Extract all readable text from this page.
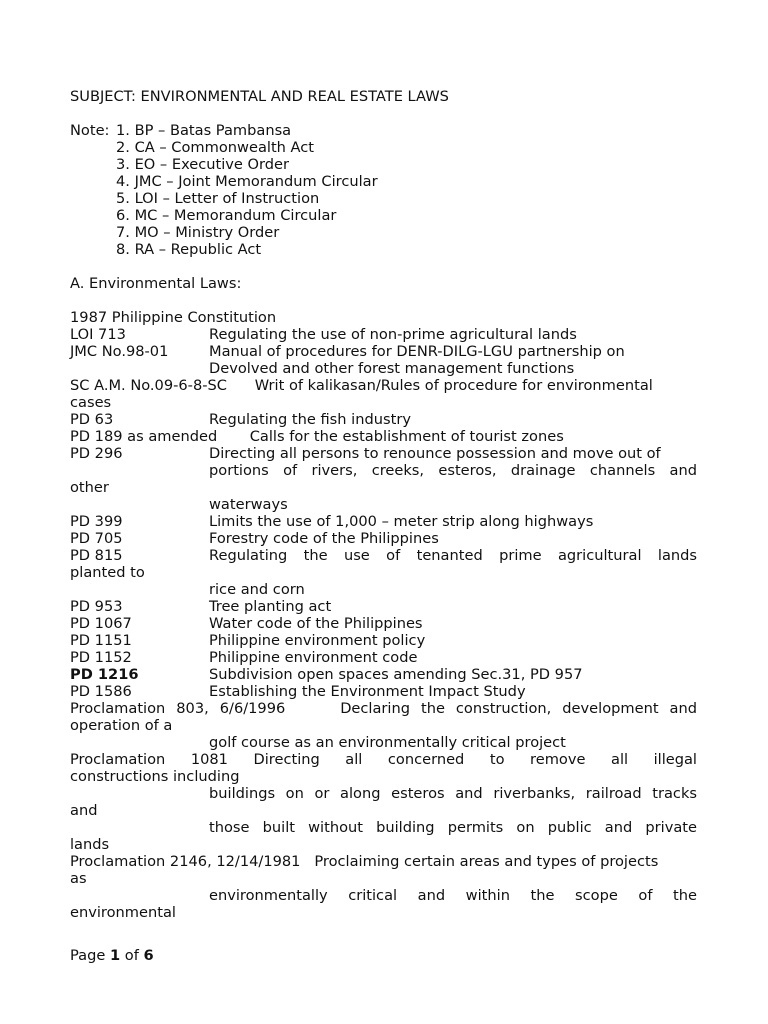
SUBJECT: ENVIRONMENTAL AND REAL ESTATE LAWS
Note: 1. BP – Batas Pambansa
2. CA – Commonwealth Act
3. EO – Executive Order
4. JMC – Joint Memorandum Circular
5. LOI – Letter of Instruction
6. MC – Memorandum Circular
7. MO – Ministry Order
8. RA – Republic Act
A. Environmental Laws:
1987 Philippine Constitution
LOI 713	Regulating the use of non-prime agricultural lands
JMC No.98-01	Manual of procedures for DENR-DILG-LGU partnership on
Devolved and other forest management functions
SC A.M. No.09-6-8-SC      Writ of kalikasan/Rules of procedure for environmental
cases
PD 63	Regulating the fish industry
PD 189 as amended       Calls for the establishment of tourist zones
PD 296	Directing all persons to renounce possession and move out of
portions of rivers, creeks, esteros, drainage channels and
other
waterways
PD 399	Limits the use of 1,000 – meter strip along highways
PD 705	Forestry code of the Philippines
PD 815	Regulating the use of tenanted prime agricultural lands
planted to
rice and corn
PD 953	Tree planting act
PD 1067	Water code of the Philippines
PD 1151	Philippine environment policy
PD 1152	Philippine environment code
PD 1216	Subdivision open spaces amending Sec.31, PD 957
PD 1586	Establishing the Environment Impact Study
Proclamation 803, 6/6/1996     Declaring the construction, development and
operation of a
golf course as an environmentally critical project
Proclamation 1081 Directing all concerned to remove all illegal
constructions including
buildings on or along esteros and riverbanks, railroad tracks
and
those built without building permits on public and private
lands
Proclamation 2146, 12/14/1981   Proclaiming certain areas and types of projects
as
environmentally critical and within the scope of the
environmental
Page 1 of 6
